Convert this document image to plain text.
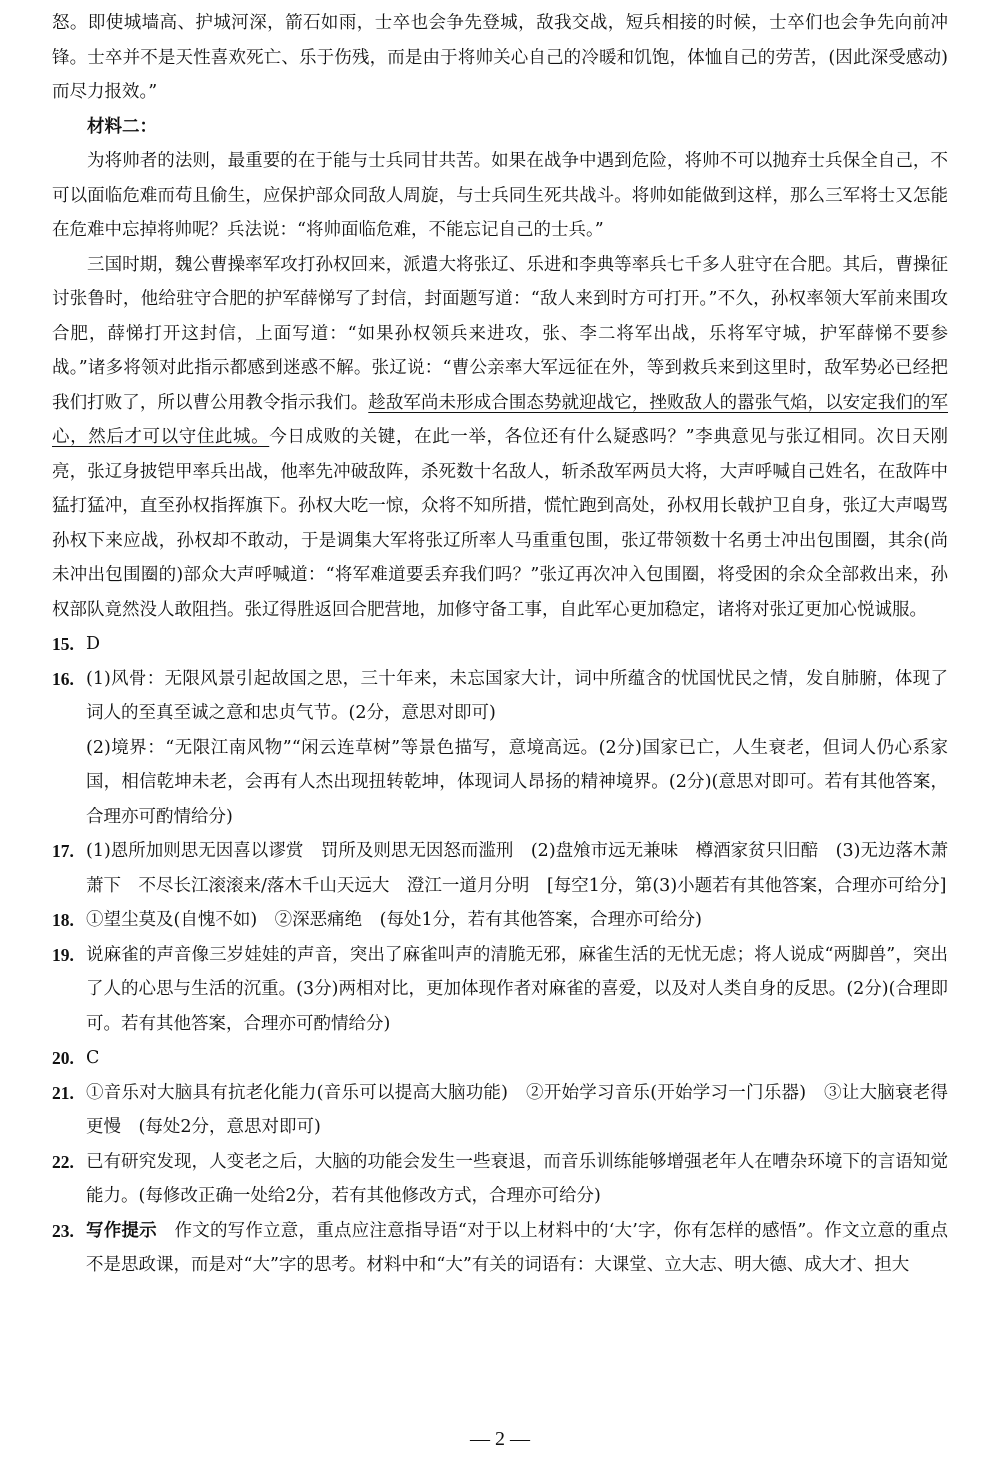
怒。即使城墙高、护城河深，箭石如雨，士卒也会争先登城，敌我交战，短兵相接的时候，士卒们也会争先向前冲锋。士卒并不是天性喜欢死亡、乐于伤残，而是由于将帅关心自己的冷暖和饥饱，体恤自己的劳苦，(因此深受感动)而尽力报效。”

材料二：

为将帅者的法则，最重要的在于能与士兵同甘共苦。如果在战争中遇到危险，将帅不可以抛弃士兵保全自己，不可以面临危难而苟且偷生，应保护部众同敌人周旋，与士兵同生死共战斗。将帅如能做到这样，那么三军将士又怎能在危难中忘掉将帅呢？兵法说：“将帅面临危难，不能忘记自己的士兵。”

三国时期，魏公曹操率军攻打孙权回来，派遣大将张辽、乐进和李典等率兵七千多人驻守在合肥。其后，曹操征讨张鲁时，他给驻守合肥的护军薛悌写了封信，封面题写道：“敌人来到时方可打开。”不久，孙权率领大军前来围攻合肥，薛悌打开这封信，上面写道：“如果孙权领兵来进攻，张、李二将军出战，乐将军守城，护军薛悌不要参战。”诸多将领对此指示都感到迷惑不解。张辽说：“曹公亲率大军远征在外，等到救兵来到这里时，敌军势必已经把我们打败了，所以曹公用教令指示我们。趁敌军尚未形成合围态势就迎战它，挫败敌人的嚣张气焰，以安定我们的军心，然后才可以守住此城。今日成败的关键，在此一举，各位还有什么疑惑吗？”李典意见与张辽相同。次日天刚亮，张辽身披铠甲率兵出战，他率先冲破敌阵，杀死数十名敌人，斩杀敌军两员大将，大声呼喊自己姓名，在敌阵中猛打猛冲，直至孙权指挥旗下。孙权大吃一惊，众将不知所措，慌忙跑到高处，孙权用长戟护卫自身，张辽大声喝骂孙权下来应战，孙权却不敢动，于是调集大军将张辽所率人马重重包围，张辽带领数十名勇士冲出包围圈，其余(尚未冲出包围圈的)部众大声呼喊道：“将军难道要丢弃我们吗？”张辽再次冲入包围圈，将受困的余众全部救出来，孙权部队竟然没人敢阻挡。张辽得胜返回合肥营地，加修守备工事，自此军心更加稳定，诸将对张辽更加心悦诚服。

15. D
16. (1)风骨：无限风景引起故国之思，三十年来，未忘国家大计，词中所蕴含的忧国忧民之情，发自肺腑，体现了词人的至真至诚之意和忠贞气节。(2分，意思对即可)
(2)境界：“无限江南风物”“闲云连草树”等景色描写，意境高远。(2分)国家已亡，人生衰老，但词人仍心系家国，相信乾坤未老，会再有人杰出现扭转乾坤，体现词人昂扬的精神境界。(2分)(意思对即可。若有其他答案，合理亦可酌情给分)
17. (1)恩所加则思无因喜以谬赏　罚所及则思无因怒而滥刑　(2)盘飧市远无兼味　樽酒家贫只旧醅　(3)无边落木萧萧下　不尽长江滚滚来/落木千山天远大　澄江一道月分明　[每空1分，第(3)小题若有其他答案，合理亦可给分]
18. ①望尘莫及(自愧不如)　②深恶痛绝　(每处1分，若有其他答案，合理亦可给分)
19. 说麻雀的声音像三岁娃娃的声音，突出了麻雀叫声的清脆无邪，麻雀生活的无忧无虑；将人说成“两脚兽”，突出了人的心思与生活的沉重。(3分)两相对比，更加体现作者对麻雀的喜爱，以及对人类自身的反思。(2分)(合理即可。若有其他答案，合理亦可酌情给分)
20. C
21. ①音乐对大脑具有抗老化能力(音乐可以提高大脑功能)　②开始学习音乐(开始学习一门乐器)　③让大脑衰老得更慢　(每处2分，意思对即可)
22. 已有研究发现，人变老之后，大脑的功能会发生一些衰退，而音乐训练能够增强老年人在嘈杂环境下的言语知觉能力。(每修改正确一处给2分，若有其他修改方式，合理亦可给分)
23. 写作提示　作文的写作立意，重点应注意指导语“对于以上材料中的‘大’字，你有怎样的感悟”。作文立意的重点不是思政课，而是对“大”字的思考。材料中和“大”有关的词语有：大课堂、立大志、明大德、成大才、担大
— 2 —
